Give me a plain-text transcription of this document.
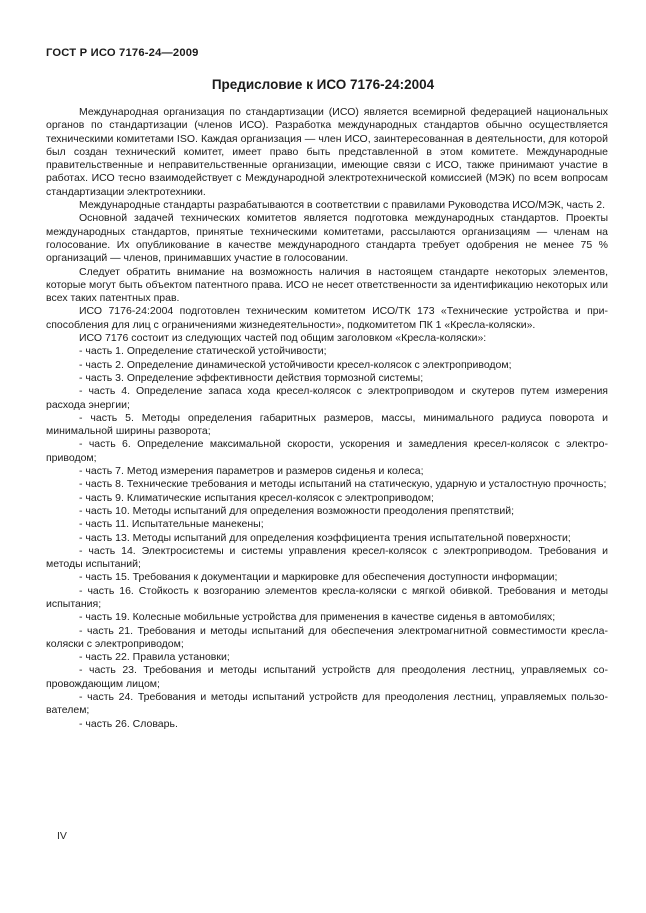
ГОСТ Р ИСО 7176-24—2009
Предисловие к ИСО 7176-24:2004

Международная организация по стандартизации (ИСО) является всемирной федерацией национальных органов по стандартизации (членов ИСО). Разработка международных стандартов обычно осуществляется техническими комитетами ISO. Каждая организация — член ИСО, заинтересованная в деятельности, для которой был создан технический комитет, имеет право быть представленной в этом комитете. Международные правительственные и неправительственные организации, имеющие связи с ИСО, также принимают участие в работах. ИСО тесно взаимодействует с Международной электротехнической комиссией (МЭК) по всем вопросам стандартизации электротехники.

Международные стандарты разрабатываются в соответствии с правилами Руководства ИСО/МЭК, часть 2.

Основной задачей технических комитетов является подготовка международных стандартов. Проекты международных стандартов, принятые техническими комитетами, рассылаются организациям — членам на голосование. Их опубликование в качестве международного стандарта требует одобрения не менее 75 % организаций — членов, принимавших участие в голосовании.

Следует обратить внимание на возможность наличия в настоящем стандарте некоторых элементов, которые могут быть объектом патентного права. ИСО не несет ответственности за идентификацию некоторых или всех таких патентных прав.

ИСО 7176-24:2004 подготовлен техническим комитетом ИСО/ТК 173 «Технические устройства и приспособления для лиц с ограничениями жизнедеятельности», подкомитетом ПК 1 «Кресла-коляски».

ИСО 7176 состоит из следующих частей под общим заголовком «Кресла-коляски»:

- часть 1. Определение статической устойчивости;

- часть 2. Определение динамической устойчивости кресел-колясок с электроприводом;

- часть 3. Определение эффективности действия тормозной системы;

- часть 4. Определение запаса хода кресел-колясок с электроприводом и скутеров путем измерения расхода энергии;

- часть 5. Методы определения габаритных размеров, массы, минимального радиуса поворота и минимальной ширины разворота;

- часть 6. Определение максимальной скорости, ускорения и замедления кресел-колясок с электроприводом;

- часть 7. Метод измерения параметров и размеров сиденья и колеса;

- часть 8. Технические требования и методы испытаний на статическую, ударную и усталостную прочность;

- часть 9. Климатические испытания кресел-колясок с электроприводом;

- часть 10. Методы испытаний для определения возможности преодоления препятствий;

- часть 11. Испытательные манекены;

- часть 13. Методы испытаний для определения коэффициента трения испытательной поверхности;

- часть 14. Электросистемы и системы управления кресел-колясок с электроприводом. Требования и методы испытаний;

- часть 15. Требования к документации и маркировке для обеспечения доступности информации;

- часть 16. Стойкость к возгоранию элементов кресла-коляски с мягкой обивкой. Требования и методы испытания;

- часть 19. Колесные мобильные устройства для применения в качестве сиденья в автомобилях;

- часть 21. Требования и методы испытаний для обеспечения электромагнитной совместимости кресла-коляски с электроприводом;

- часть 22. Правила установки;

- часть 23. Требования и методы испытаний устройств для преодоления лестниц, управляемых сопровождающим лицом;

- часть 24. Требования и методы испытаний устройств для преодоления лестниц, управляемых пользователем;

- часть 26. Словарь.

IV
